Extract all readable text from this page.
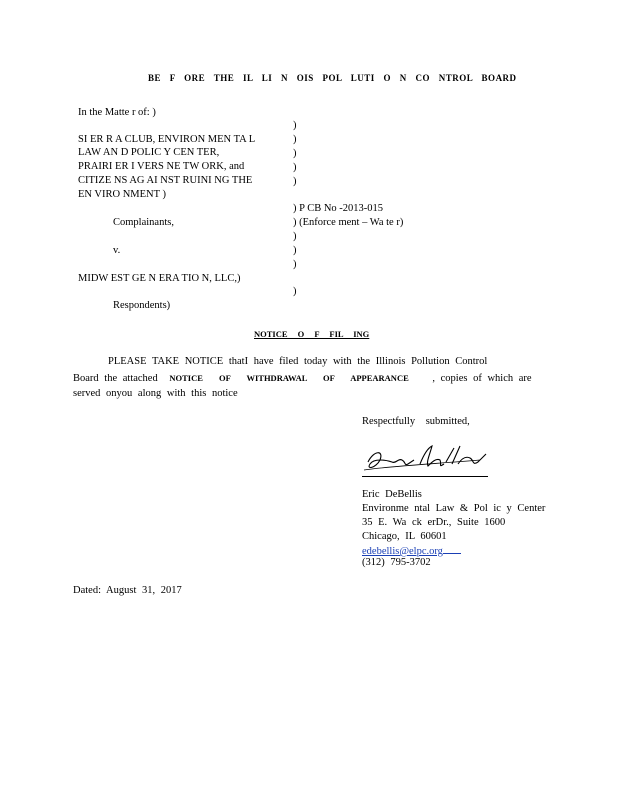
BE F ORE THE IL LI N OIS POL LUTI O N CO NTROL BOARD
In the Matte r of: )
SI ER R A CLUB, ENVIRON MEN TA L
LAW AN D POLIC Y CEN TER,
PRAIRI ER I VERS NE TW ORK, and
CITIZE NS AG AI NST RUINI NG THE
EN VIRO NMENT )
)
)
)
)
)
) P CB No -2013-015
) (Enforce ment – Wa te r)
Complainants,
)
)
)
v.
MIDW EST GE N ERA TIO N, LLC,)
)
Respondents)
NOTICE O F FIL ING
PLEASE TAKE NOTICE thatI have filed today with the Illinois Pollution Control
Board the attached NOTICE OF WITHDRAWAL OF APPEARANCE , copies of which are
served onyou along with this notice
Respectfully submitted,
Eric DeBellis
Environme ntal Law & Pol ic y Center
35 E. Wa ck erDr., Suite 1600
Chicago, IL 60601
edebellis@elpc.org
(312) 795-3702
Dated: August 31, 2017
